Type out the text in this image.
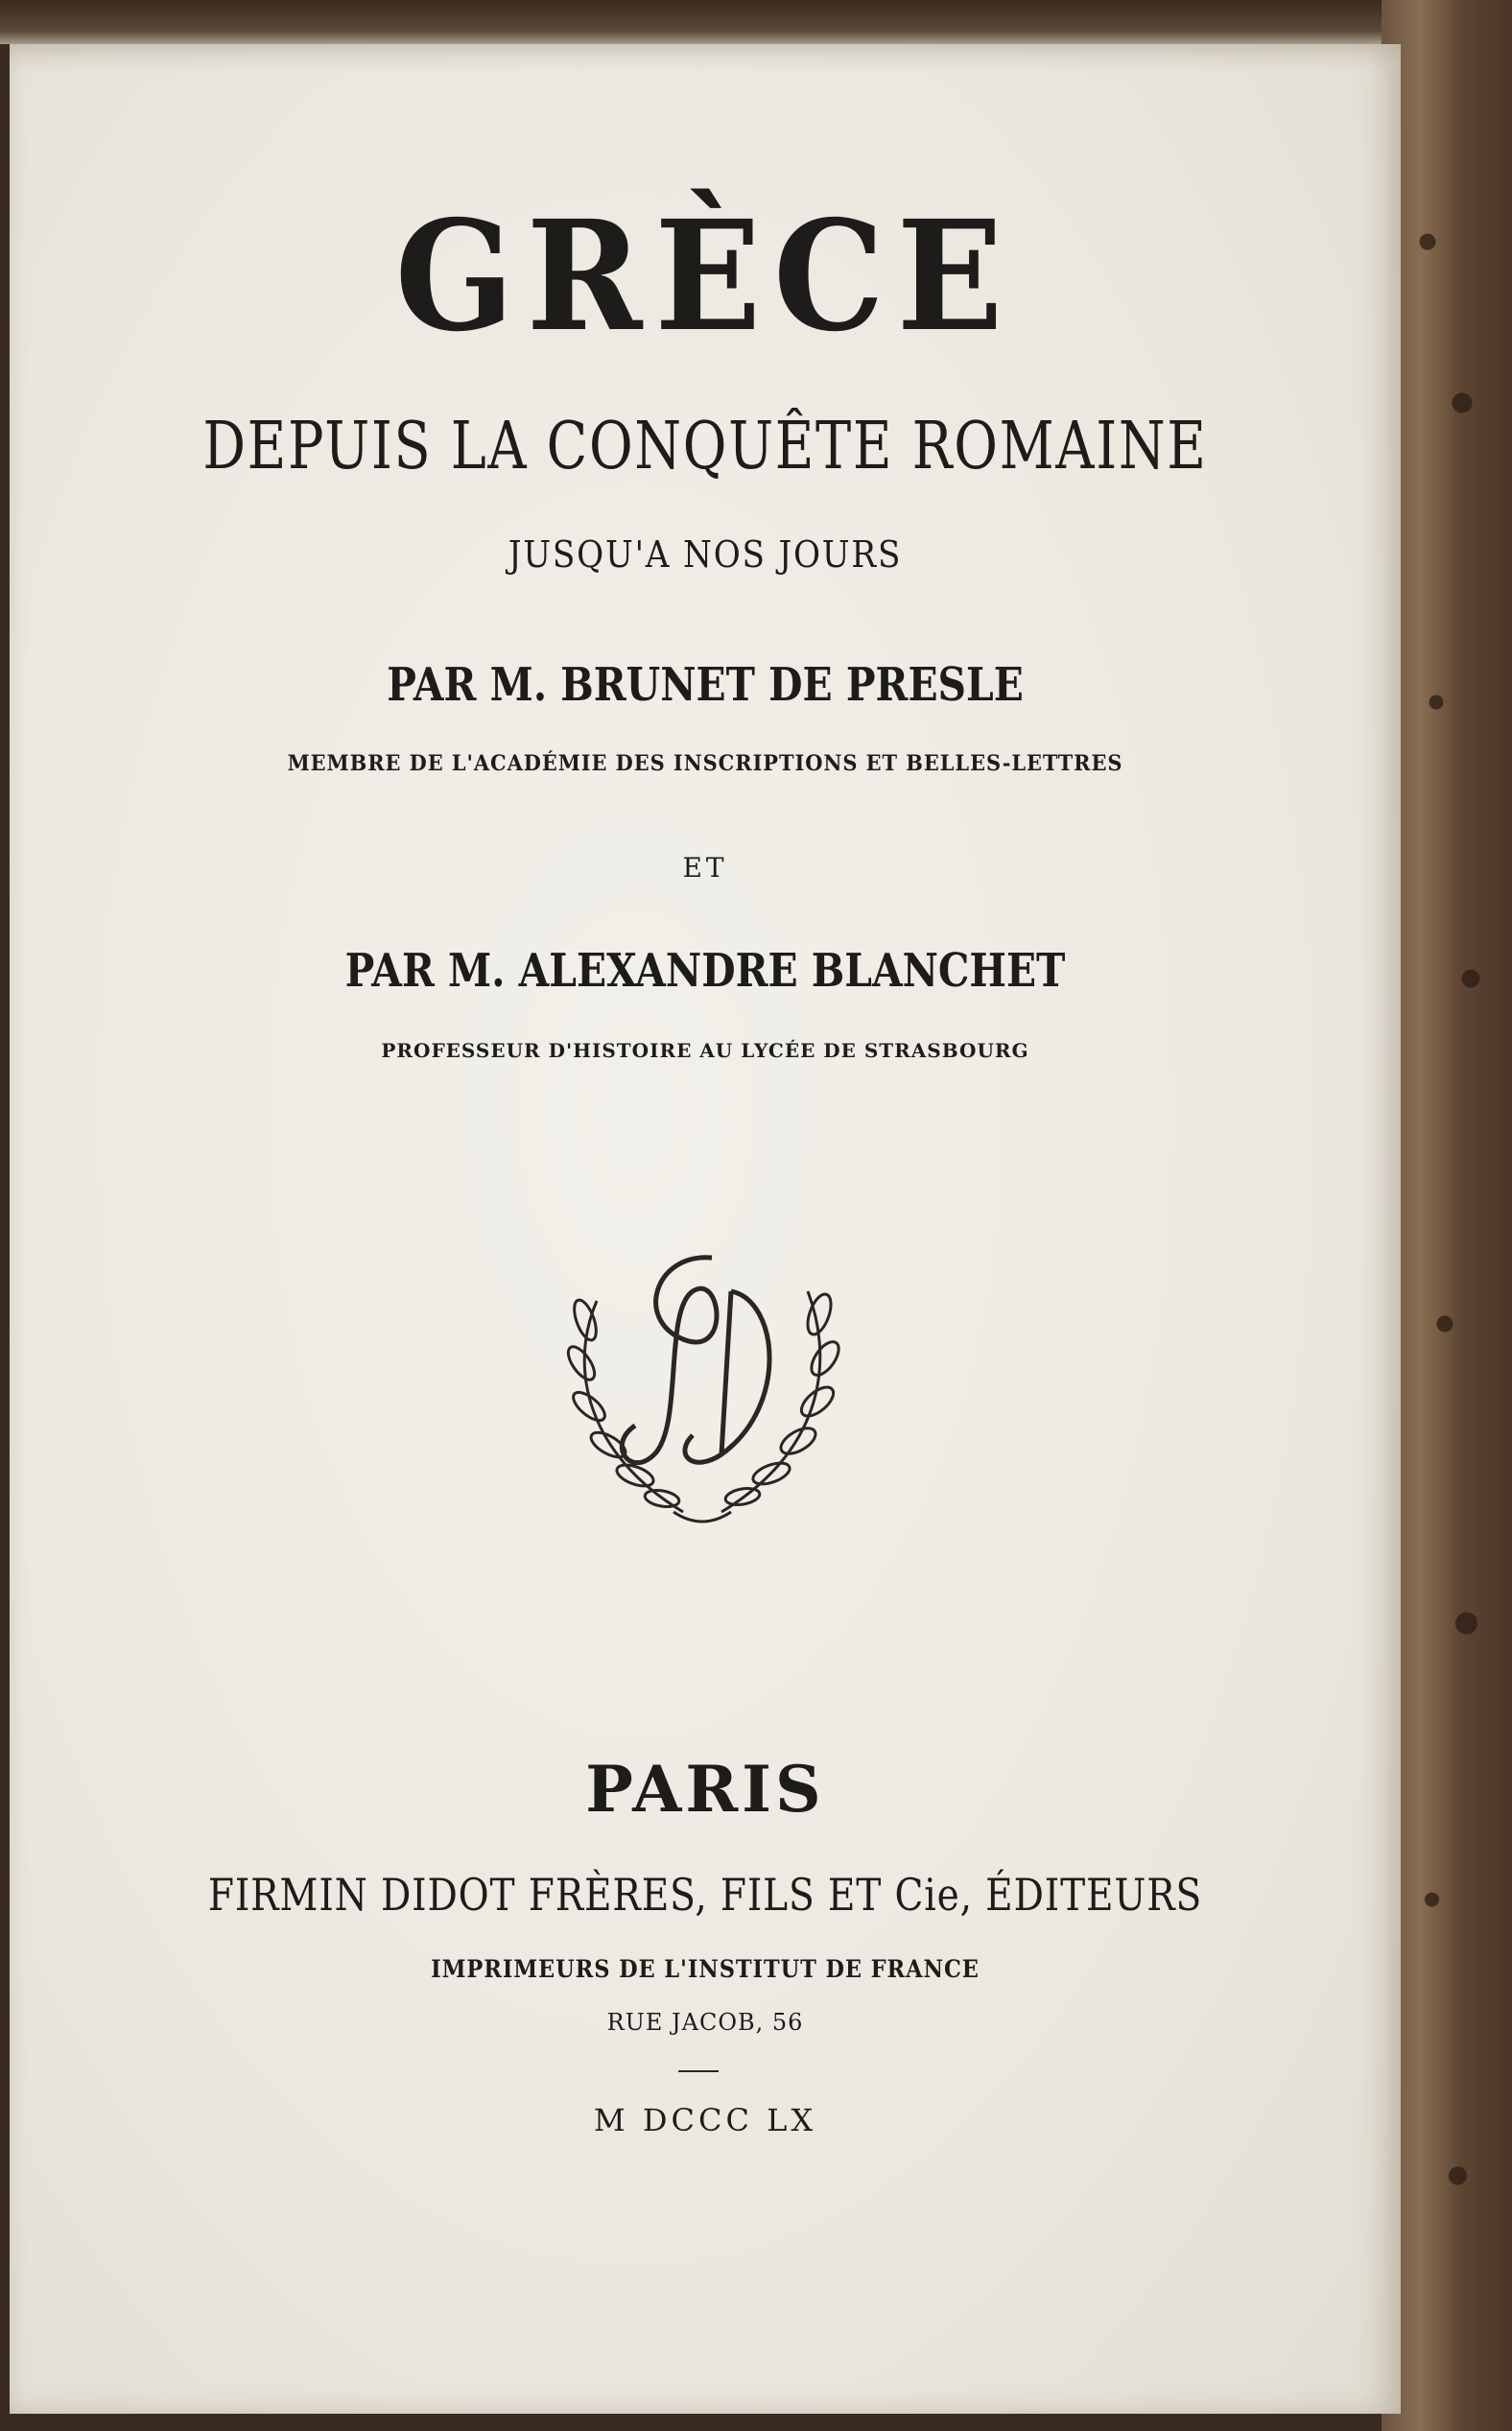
GRÈCE
DEPUIS LA CONQUÊTE ROMAINE
JUSQU'A NOS JOURS
PAR M. BRUNET DE PRESLE
MEMBRE DE L'ACADÉMIE DES INSCRIPTIONS ET BELLES-LETTRES
ET
PAR M. ALEXANDRE BLANCHET
PROFESSEUR D'HISTOIRE AU LYCÉE DE STRASBOURG
PARIS
FIRMIN DIDOT FRÈRES, FILS ET Cie, ÉDITEURS
IMPRIMEURS DE L'INSTITUT DE FRANCE
RUE JACOB, 56
M DCCC LX
